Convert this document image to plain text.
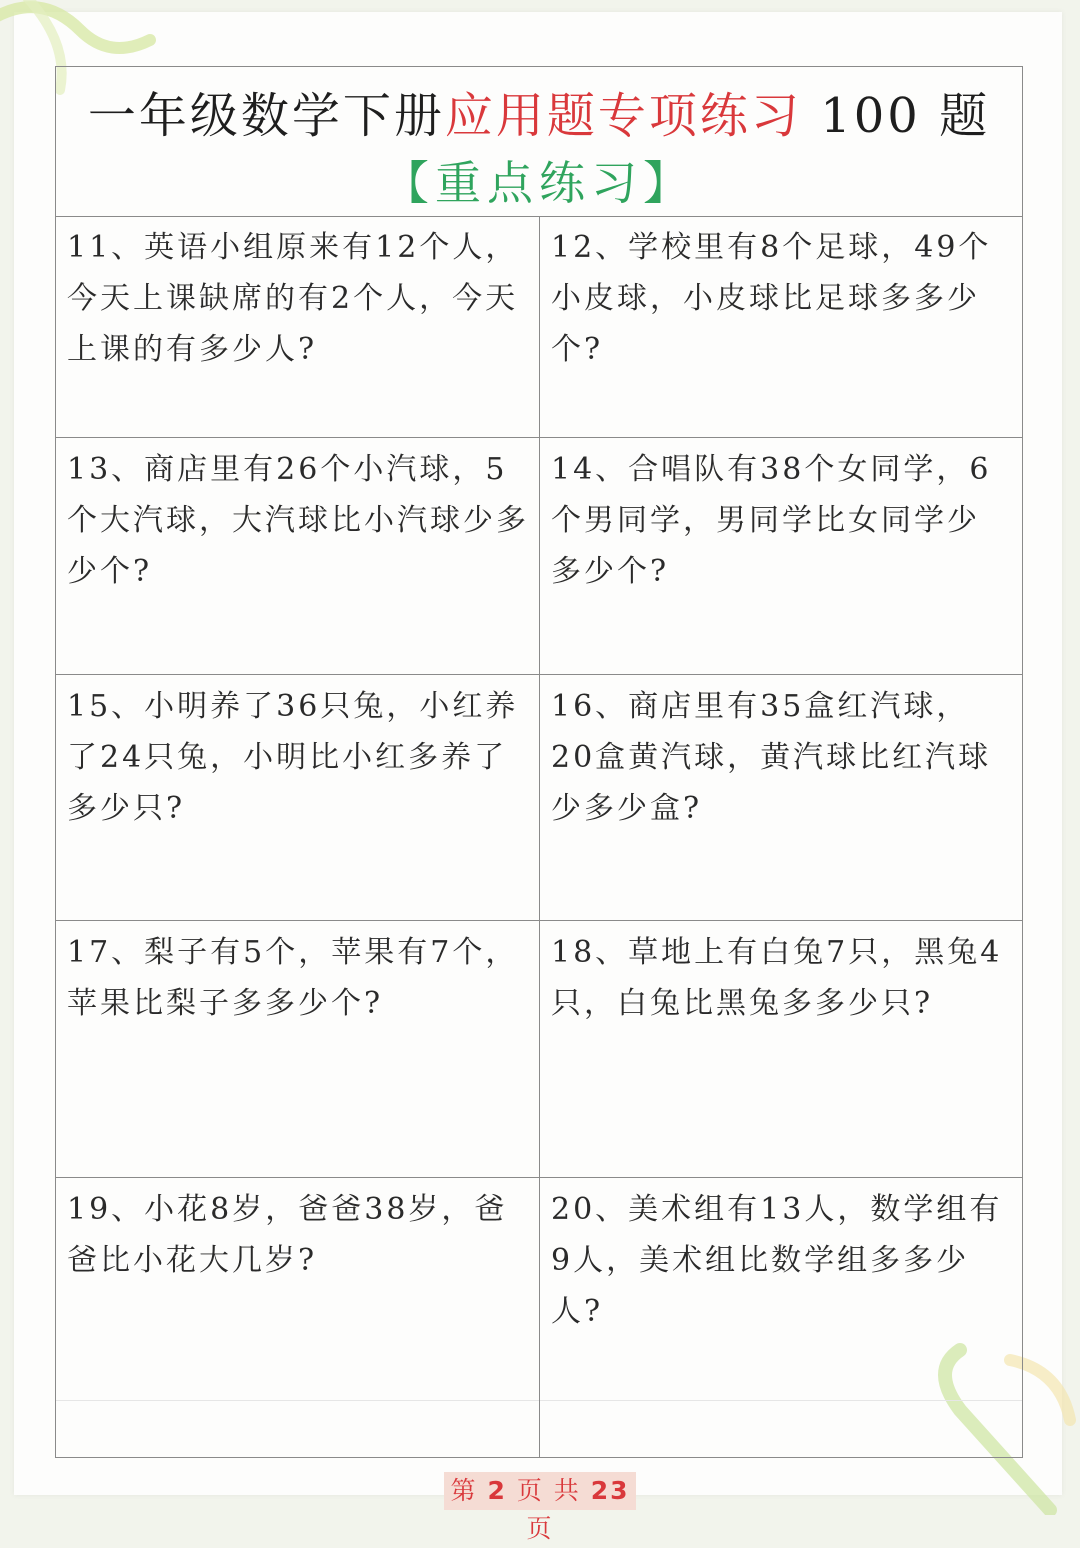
一年级数学下册应用题专项练习 100 题
【重点练习】

11、英语小组原来有12个人，今天上课缺席的有2个人，今天上课的有多少人?

12、学校里有8个足球，49个小皮球，小皮球比足球多多少个?

13、商店里有26个小汽球，5个大汽球，大汽球比小汽球少多少个?

14、合唱队有38个女同学，6个男同学，男同学比女同学少多少个?

15、小明养了36只兔，小红养了24只兔，小明比小红多养了多少只?

16、商店里有35盒红汽球，20盒黄汽球，黄汽球比红汽球少多少盒?

17、梨子有5个，苹果有7个，苹果比梨子多多少个?

18、草地上有白兔7只，黑兔4只，白兔比黑兔多多少只?

19、小花8岁，爸爸38岁，爸爸比小花大几岁?

20、美术组有13人，数学组有9人，美术组比数学组多多少人?

第 2 页 共 23 页
